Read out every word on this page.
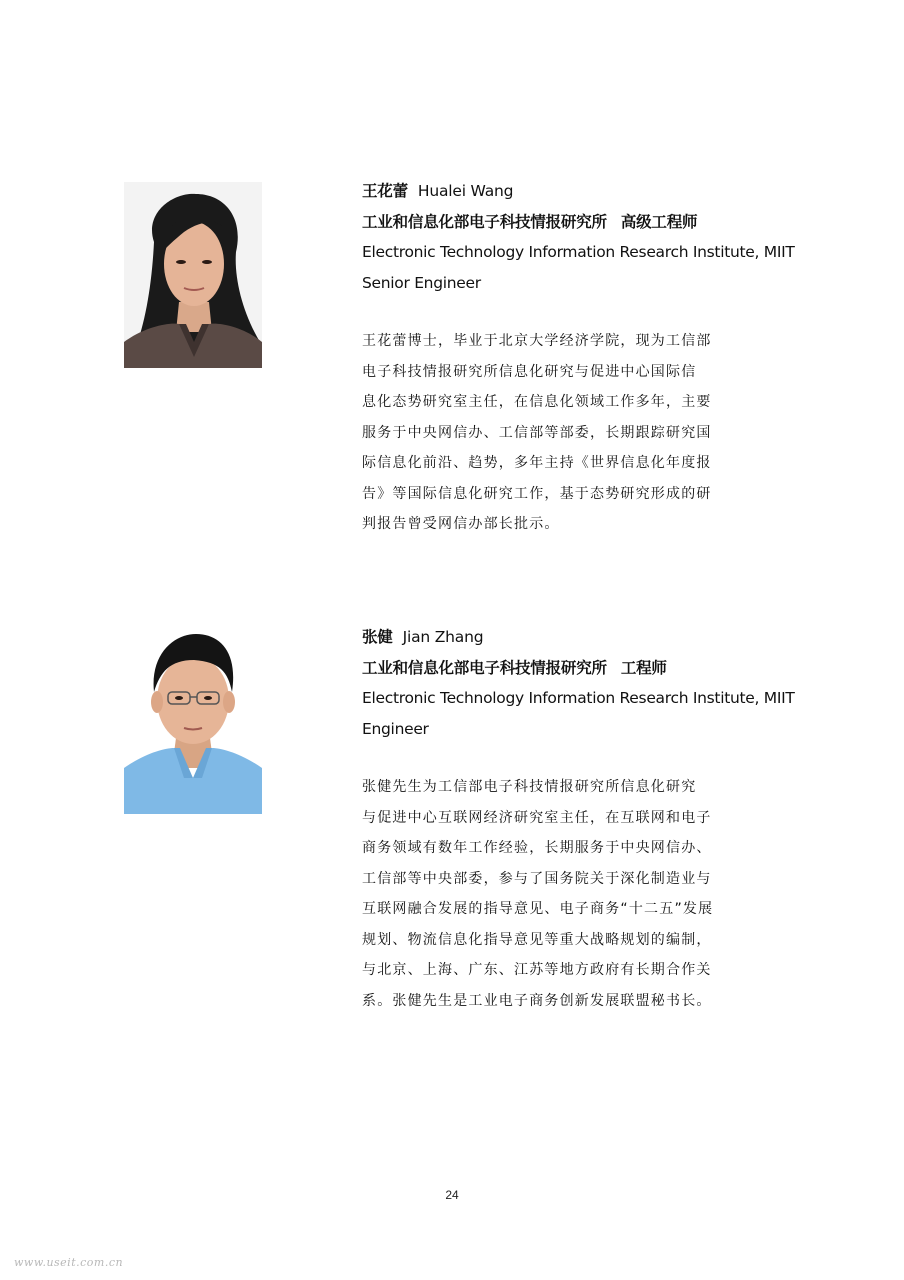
王花蕾 Hualei Wang
工业和信息化部电子科技情报研究所 高级工程师
Electronic Technology Information Research Institute, MIIT
Senior Engineer
王花蕾博士，毕业于北京大学经济学院，现为工信部
电子科技情报研究所信息化研究与促进中心国际信
息化态势研究室主任，在信息化领域工作多年，主要
服务于中央网信办、工信部等部委，长期跟踪研究国
际信息化前沿、趋势，多年主持《世界信息化年度报
告》等国际信息化研究工作，基于态势研究形成的研
判报告曾受网信办部长批示。
张健 Jian Zhang
工业和信息化部电子科技情报研究所 工程师
Electronic Technology Information Research Institute, MIIT
Engineer
张健先生为工信部电子科技情报研究所信息化研究
与促进中心互联网经济研究室主任，在互联网和电子
商务领域有数年工作经验，长期服务于中央网信办、
工信部等中央部委，参与了国务院关于深化制造业与
互联网融合发展的指导意见、电子商务“十二五”发展
规划、物流信息化指导意见等重大战略规划的编制，
与北京、上海、广东、江苏等地方政府有长期合作关
系。张健先生是工业电子商务创新发展联盟秘书长。
24
www.useit.com.cn
